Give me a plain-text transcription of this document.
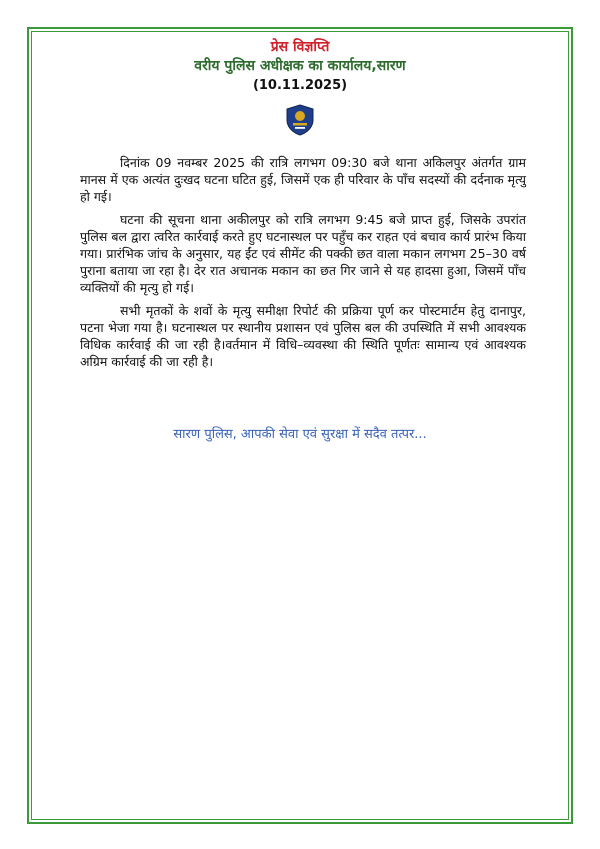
प्रेस विज्ञप्ति
वरीय पुलिस अधीक्षक का कार्यालय,सारण
(10.11.2025)

दिनांक 09 नवम्बर 2025 की रात्रि लगभग 09:30 बजे थाना अकिलपुर अंतर्गत ग्राम मानस में एक अत्यंत दुःखद घटना घटित हुई, जिसमें एक ही परिवार के पाँच सदस्यों की दर्दनाक मृत्यु हो गई।

घटना की सूचना थाना अकीलपुर को रात्रि लगभग 9:45 बजे प्राप्त हुई, जिसके उपरांत पुलिस बल द्वारा त्वरित कार्रवाई करते हुए घटनास्थल पर पहुँच कर राहत एवं बचाव कार्य प्रारंभ किया गया। प्रारंभिक जांच के अनुसार, यह ईंट एवं सीमेंट की पक्की छत वाला मकान लगभग 25–30 वर्ष पुराना बताया जा रहा है। देर रात अचानक मकान का छत गिर जाने से यह हादसा हुआ, जिसमें पाँच व्यक्तियों की मृत्यु हो गई।

सभी मृतकों के शवों के मृत्यु समीक्षा रिपोर्ट की प्रक्रिया पूर्ण कर पोस्टमार्टम हेतु दानापुर, पटना भेजा गया है। घटनास्थल पर स्थानीय प्रशासन एवं पुलिस बल की उपस्थिति में सभी आवश्यक विधिक कार्रवाई की जा रही है।वर्तमान में विधि–व्यवस्था की स्थिति पूर्णतः सामान्य एवं आवश्यक अग्रिम कार्रवाई की जा रही है।

सारण पुलिस, आपकी सेवा एवं सुरक्षा में सदैव तत्पर...
